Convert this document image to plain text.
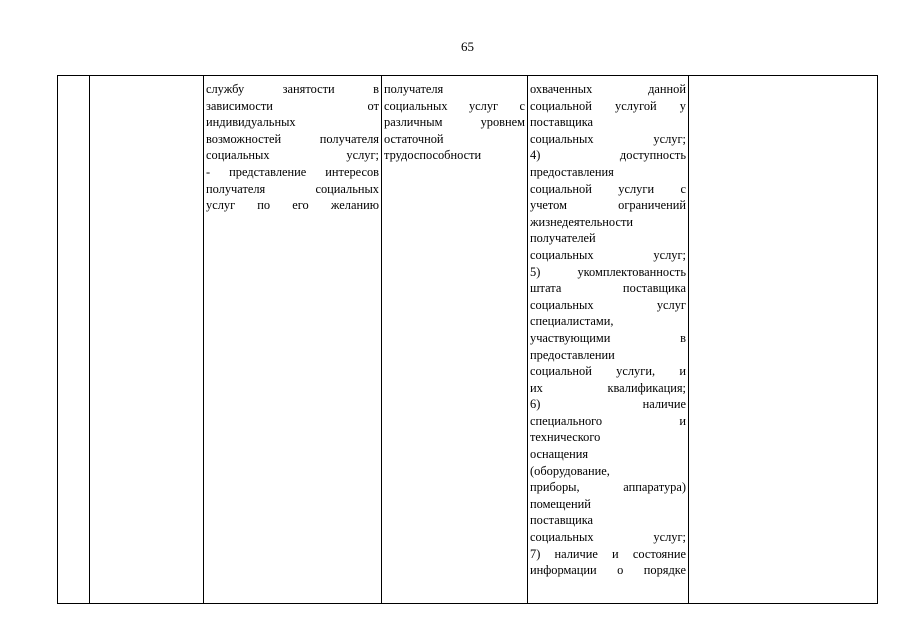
65

службу занятости в
зависимости от
индивидуальных
возможностей получателя
социальных услуг;
- представление интересов
получателя социальных
услуг по его желанию

получателя
социальных услуг с
различным уровнем
остаточной
трудоспособности

охваченных данной
социальной услугой у
поставщика
социальных услуг;
4) доступность
предоставления
социальной услуги с
учетом ограничений
жизнедеятельности
получателей
социальных услуг;
5) укомплектованность
штата поставщика
социальных услуг
специалистами,
участвующими в
предоставлении
социальной услуги, и
их квалификация;
6) наличие
специального и
технического
оснащения
(оборудование,
приборы, аппаратура)
помещений
поставщика
социальных услуг;
7) наличие и состояние
информации о порядке
